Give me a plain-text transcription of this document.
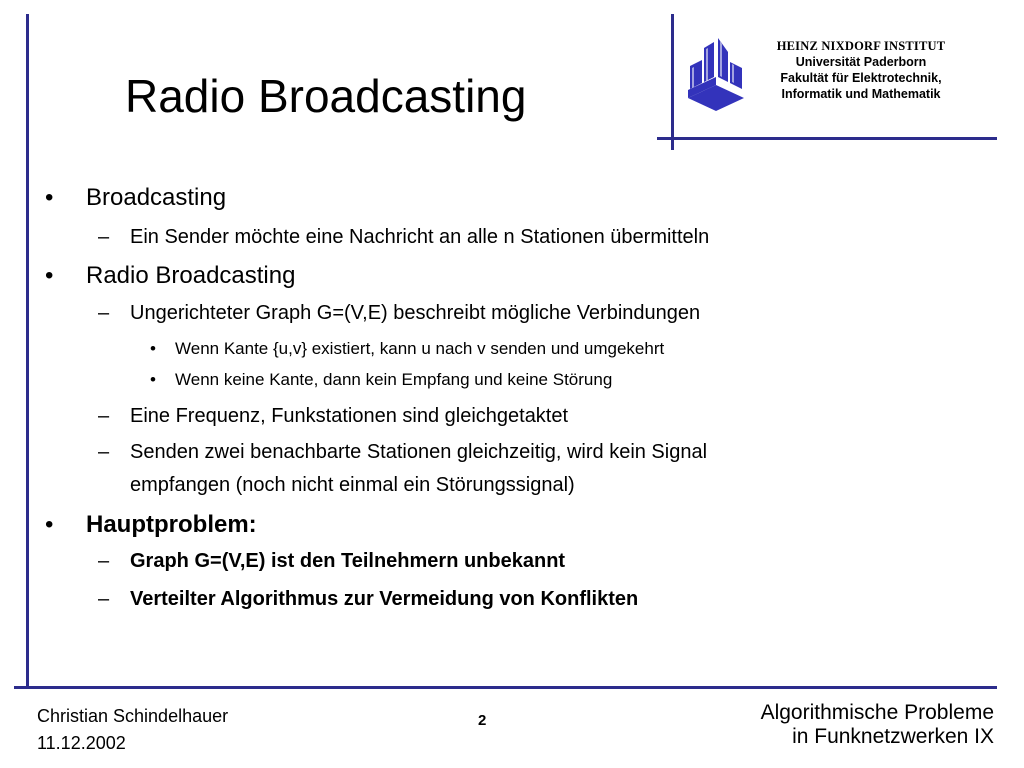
Radio Broadcasting
HEINZ NIXDORF INSTITUT
Universität Paderborn
Fakultät für Elektrotechnik,
Informatik und Mathematik
• Broadcasting
– Ein Sender möchte eine Nachricht an alle n Stationen übermitteln
• Radio Broadcasting
– Ungerichteter Graph G=(V,E) beschreibt mögliche Verbindungen
• Wenn Kante {u,v} existiert, kann u nach v senden und umgekehrt
• Wenn keine Kante, dann kein Empfang und keine Störung
– Eine Frequenz, Funkstationen sind gleichgetaktet
– Senden zwei benachbarte Stationen gleichzeitig, wird kein Signal
empfangen (noch nicht einmal ein Störungssignal)
• Hauptproblem:
– Graph G=(V,E) ist den Teilnehmern unbekannt
– Verteilter Algorithmus zur Vermeidung von Konflikten
Christian Schindelhauer
11.12.2002
2	Algorithmische Probleme
in Funknetzwerken IX
